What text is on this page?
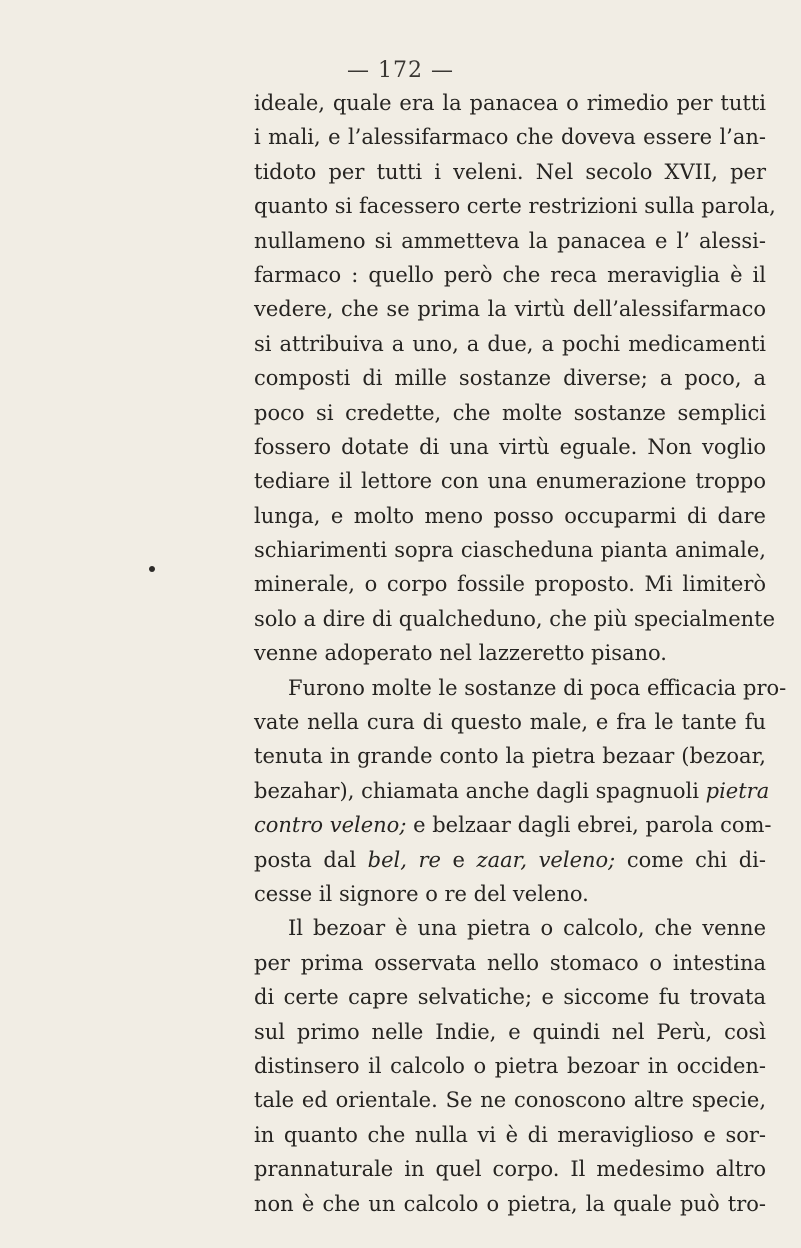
— 172 —
ideale, quale era la panacea o rimedio per tutti
i mali, e l’alessifarmaco che doveva essere l’an-
tidoto per tutti i veleni. Nel secolo XVII, per
quanto si facessero certe restrizioni sulla parola,
nullameno si ammetteva la panacea e l’ alessi-
farmaco : quello però che reca meraviglia è il
vedere, che se prima la virtù dell’alessifarmaco
si attribuiva a uno, a due, a pochi medicamenti
composti di mille sostanze diverse; a poco, a
poco si credette, che molte sostanze semplici
fossero dotate di una virtù eguale. Non voglio
tediare il lettore con una enumerazione troppo
lunga, e molto meno posso occuparmi di dare
schiarimenti sopra ciascheduna pianta animale,
minerale, o corpo fossile proposto. Mi limiterò
solo a dire di qualcheduno, che più specialmente
venne adoperato nel lazzeretto pisano.
Furono molte le sostanze di poca efficacia pro-
vate nella cura di questo male, e fra le tante fu
tenuta in grande conto la pietra bezaar (bezoar,
bezahar), chiamata anche dagli spagnuoli pietra
contro veleno; e belzaar dagli ebrei, parola com-
posta dal bel, re e zaar, veleno; come chi di-
cesse il signore o re del veleno.
Il bezoar è una pietra o calcolo, che venne
per prima osservata nello stomaco o intestina
di certe capre selvatiche; e siccome fu trovata
sul primo nelle Indie, e quindi nel Perù, così
distinsero il calcolo o pietra bezoar in occiden-
tale ed orientale. Se ne conoscono altre specie,
in quanto che nulla vi è di meraviglioso e sor-
prannaturale in quel corpo. Il medesimo altro
non è che un calcolo o pietra, la quale può tro-
